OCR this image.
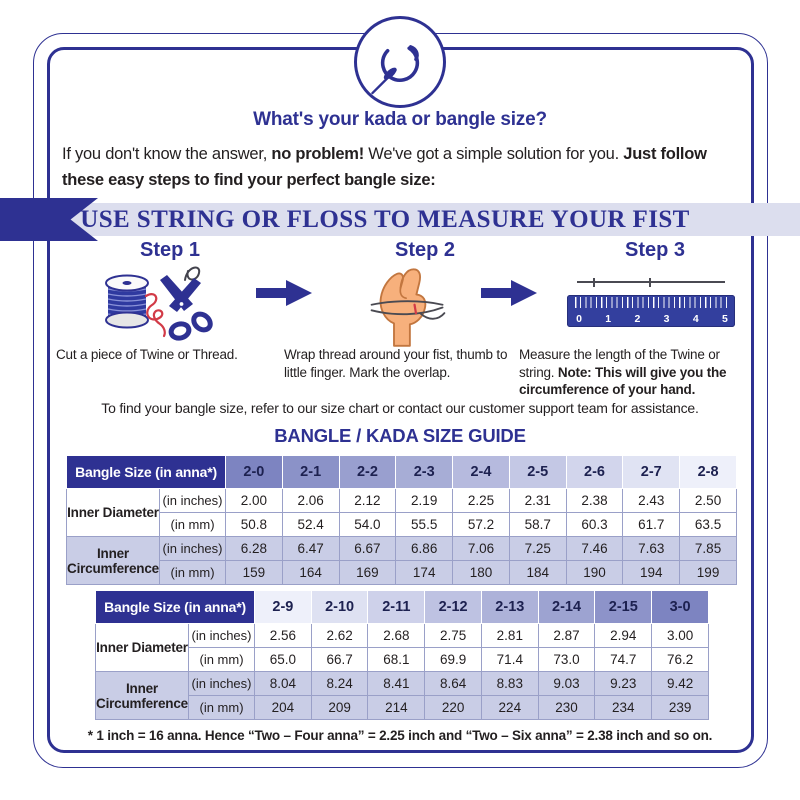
What's your kada or bangle size?
If you don't know the answer, no problem! We've got a simple solution for you. Just follow these easy steps to find your perfect bangle size:
USE STRING OR FLOSS TO MEASURE YOUR FIST
Step 1	Step 2	Step 3
0	1	2	3	4	5
Cut a piece of Twine or Thread.	Wrap thread around your fist, thumb to little finger. Mark the overlap.
Measure the length of the Twine or string. Note: This will give you the circumference of your hand.
To find your bangle size, refer to our size chart or contact our customer support team for assistance.
BANGLE / KADA SIZE GUIDE
Bangle Size (in anna*)		2-0	2-1	2-2	2-3	2-4	2-5	2-6	2-7	2-8
Inner Diameter	(in inches)	2.00	2.06	2.12	2.19	2.25	2.31	2.38	2.43	2.50
	(in mm)	50.8	52.4	54.0	55.5	57.2	58.7	60.3	61.7	63.5
Inner Circumference	(in inches)	6.28	6.47	6.67	6.86	7.06	7.25	7.46	7.63	7.85
	(in mm)	159	164	169	174	180	184	190	194	199
Bangle Size (in anna*)		2-9	2-10	2-11	2-12	2-13	2-14	2-15	3-0
Inner Diameter	(in inches)	2.56	2.62	2.68	2.75	2.81	2.87	2.94	3.00
	(in mm)	65.0	66.7	68.1	69.9	71.4	73.0	74.7	76.2
Inner Circumference	(in inches)	8.04	8.24	8.41	8.64	8.83	9.03	9.23	9.42
	(in mm)	204	209	214	220	224	230	234	239
* 1 inch = 16 anna. Hence “Two – Four anna” = 2.25 inch and “Two – Six anna” = 2.38 inch and so on.
